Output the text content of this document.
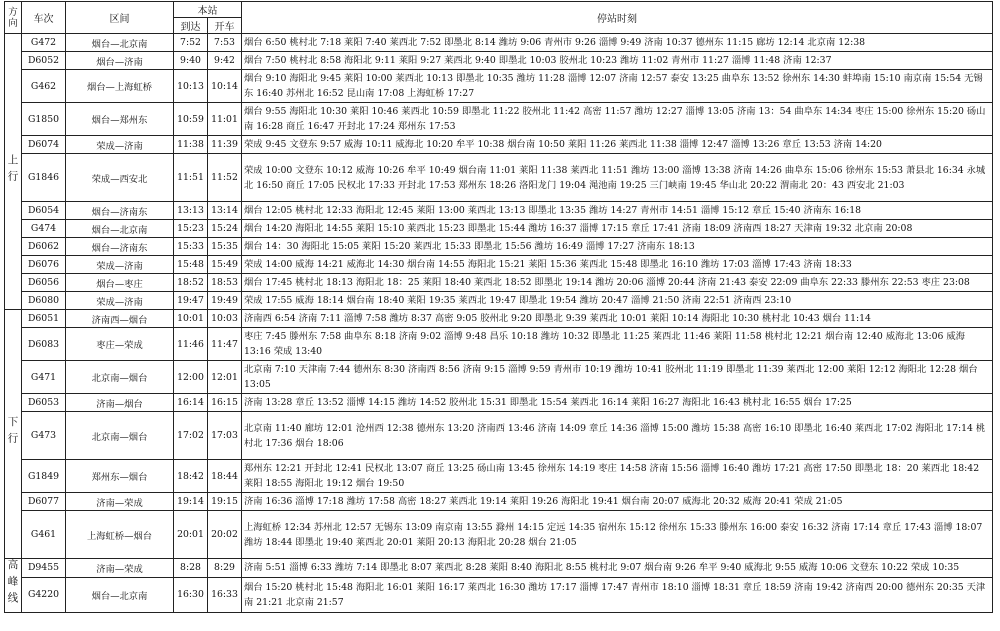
方向	车次	区间	本站		停站时刻
			到达	开车	
上行	G472	烟台—北京南	7:52	7:53	烟台 6:50 桃村北 7:18 莱阳 7:40 莱西北 7:52 即墨北 8:14 潍坊 9:06 青州市 9:26 淄博 9:49 济南 10:37 德州东 11:15 廊坊 12:14 北京南 12:38
	D6052	烟台—济南	9:40	9:42	烟台 7:50 桃村北 8:58 海阳北 9:11 莱阳 9:27 莱西北 9:40 即墨北 10:03 胶州北 10:23 潍坊 11:02 青州市 11:27 淄博 11:48 济南 12:37
	G462	烟台—上海虹桥	10:13	10:14	烟台 9:10 海阳北 9:45 莱阳 10:00 莱西北 10:13 即墨北 10:35 潍坊 11:28 淄博 12:07 济南 12:57 泰安 13:25 曲阜东 13:52 徐州东 14:30 蚌埠南 15:10 南京南 15:54 无锡东 16:40 苏州北 16:52 昆山南 17:08 上海虹桥 17:27
	G1850	烟台—郑州东	10:59	11:01	烟台 9:55 海阳北 10:30 莱阳 10:46 莱西北 10:59 即墨北 11:22 胶州北 11:42 高密 11:57 潍坊 12:27 淄博 13:05 济南 13：54 曲阜东 14:34 枣庄 15:00 徐州东 15:20 砀山南 16:28 商丘 16:47 开封北 17:24 郑州东 17:53
	D6074	荣成—济南	11:38	11:39	荣成 9:45 文登东 9:57 威海 10:11 威海北 10:20 牟平 10:38 烟台南 10:50 莱阳 11:26 莱西北 11:38 淄博 12:47 淄博 13:26 章丘 13:53 济南 14:20
	G1846	荣成—西安北	11:51	11:52	荣成 10:00 文登东 10:12 威海 10:26 牟平 10:49 烟台南 11:01 莱阳 11:38 莱西北 11:51 潍坊 13:00 淄博 13:38 济南 14:26 曲阜东 15:06 徐州东 15:53 萧县北 16:34 永城北 16:50 商丘 17:05 民权北 17:33 开封北 17:53 郑州东 18:26 洛阳龙门 19:04 渑池南 19:25 三门峡南 19:45 华山北 20:22 渭南北 20：43 西安北 21:03
	D6054	烟台—济南东	13:13	13:14	烟台 12:05 桃村北 12:33 海阳北 12:45 莱阳 13:00 莱西北 13:13 即墨北 13:35 潍坊 14:27 青州市 14:51 淄博 15:12 章丘 15:40 济南东 16:18
	G474	烟台—北京南	15:23	15:24	烟台 14:20 海阳北 14:55 莱阳 15:10 莱西北 15:23 即墨北 15:44 潍坊 16:37 淄博 17:15 章丘 17:41 济南 18:09 济南西 18:27 天津南 19:32 北京南 20:08
	D6062	烟台—济南东	15:33	15:35	烟台 14：30 海阳北 15:05 莱阳 15:20 莱西北 15:33 即墨北 15:56 潍坊 16:49 淄博 17:27 济南东 18:13
	D6076	荣成—济南	15:48	15:49	荣成 14:00 威海 14:21 威海北 14:30 烟台南 14:55 海阳北 15:21 莱阳 15:36 莱西北 15:48 即墨北 16:10 潍坊 17:03 淄博 17:43 济南 18:33
	D6056	烟台—枣庄	18:52	18:53	烟台 17:45 桃村北 18:13 海阳北 18：25 莱阳 18:40 莱西北 18:52 即墨北 19:14 潍坊 20:06 淄博 20:44 济南 21:43 泰安 22:09 曲阜东 22:33 滕州东 22:53 枣庄 23:08
	D6080	荣成—济南	19:47	19:49	荣成 17:55 威海 18:14 烟台南 18:40 莱阳 19:35 莱西北 19:47 即墨北 19:54 潍坊 20:47 淄博 21:50 济南 22:51 济南西 23:10
下行	D6051	济南西—烟台	10:01	10:03	济南西 6:54 济南 7:11 淄博 7:58 潍坊 8:37 高密 9:05 胶州北 9:20 即墨北 9:39 莱西北 10:01 莱阳 10:14 海阳北 10:30 桃村北 10:43 烟台 11:14
	D6083	枣庄—荣成	11:46	11:47	枣庄 7:45 滕州东 7:58 曲阜东 8:18 济南 9:02 淄博 9:48 昌乐 10:18 潍坊 10:32 即墨北 11:25 莱西北 11:46 莱阳 11:58 桃村北 12:21 烟台南 12:40 威海北 13:06 威海 13:16 荣成 13:40
	G471	北京南—烟台	12:00	12:01	北京南 7:10 天津南 7:44 德州东 8:30 济南西 8:56 济南 9:15 淄博 9:59 青州市 10:19 潍坊 10:41 胶州北 11:19 即墨北 11:39 莱西北 12:00 莱阳 12:12 海阳北 12:28 烟台 13:05
	D6053	济南—烟台	16:14	16:15	济南 13:28 章丘 13:52 淄博 14:15 潍坊 14:52 胶州北 15:31 即墨北 15:54 莱西北 16:14 莱阳 16:27 海阳北 16:43 桃村北 16:55 烟台 17:25
	G473	北京南—烟台	17:02	17:03	北京南 11:40 廊坊 12:01 沧州西 12:38 德州东 13:20 济南西 13:46 济南 14:09 章丘 14:36 淄博 15:00 潍坊 15:38 高密 16:10 即墨北 16:40 莱西北 17:02 海阳北 17:14 桃村北 17:36 烟台 18:06
	G1849	郑州东—烟台	18:42	18:44	郑州东 12:21 开封北 12:41 民权北 13:07 商丘 13:25 砀山南 13:45 徐州东 14:19 枣庄 14:58 济南 15:56 淄博 16:40 潍坊 17:21 高密 17:50 即墨北 18：20 莱西北 18:42 莱阳 18:55 海阳北 19:12 烟台 19:50
	D6077	济南—荣成	19:14	19:15	济南 16:36 淄博 17:18 潍坊 17:58 高密 18:27 莱西北 19:14 莱阳 19:26 海阳北 19:41 烟台南 20:07 威海北 20:32 威海 20:41 荣成 21:05
	G461	上海虹桥—烟台	20:01	20:02	上海虹桥 12:34 苏州北 12:57 无锡东 13:09 南京南 13:55 滁州 14:15 定远 14:35 宿州东 15:12 徐州东 15:33 滕州东 16:00 泰安 16:32 济南 17:14 章丘 17:43 淄博 18:07 潍坊 18:44 即墨北 19:40 莱西北 20:01 莱阳 20:13 海阳北 20:28 烟台 21:05
高峰线	D9455	济南—荣成	8:28	8:29	济南 5:51 淄博 6:33 潍坊 7:14 即墨北 8:07 莱西北 8:28 莱阳 8:40 海阳北 8:55 桃村北 9:07 烟台南 9:26 牟平 9:40 威海北 9:55 威海 10:06 文登东 10:22 荣成 10:35
	G4220	烟台—北京南	16:30	16:33	烟台 15:20 桃村北 15:48 海阳北 16:01 莱阳 16:17 莱西北 16:30 潍坊 17:17 淄博 17:47 青州市 18:10 淄博 18:31 章丘 18:59 济南 19:42 济南西 20:00 德州东 20:35 天津南 21:21 北京南 21:57
